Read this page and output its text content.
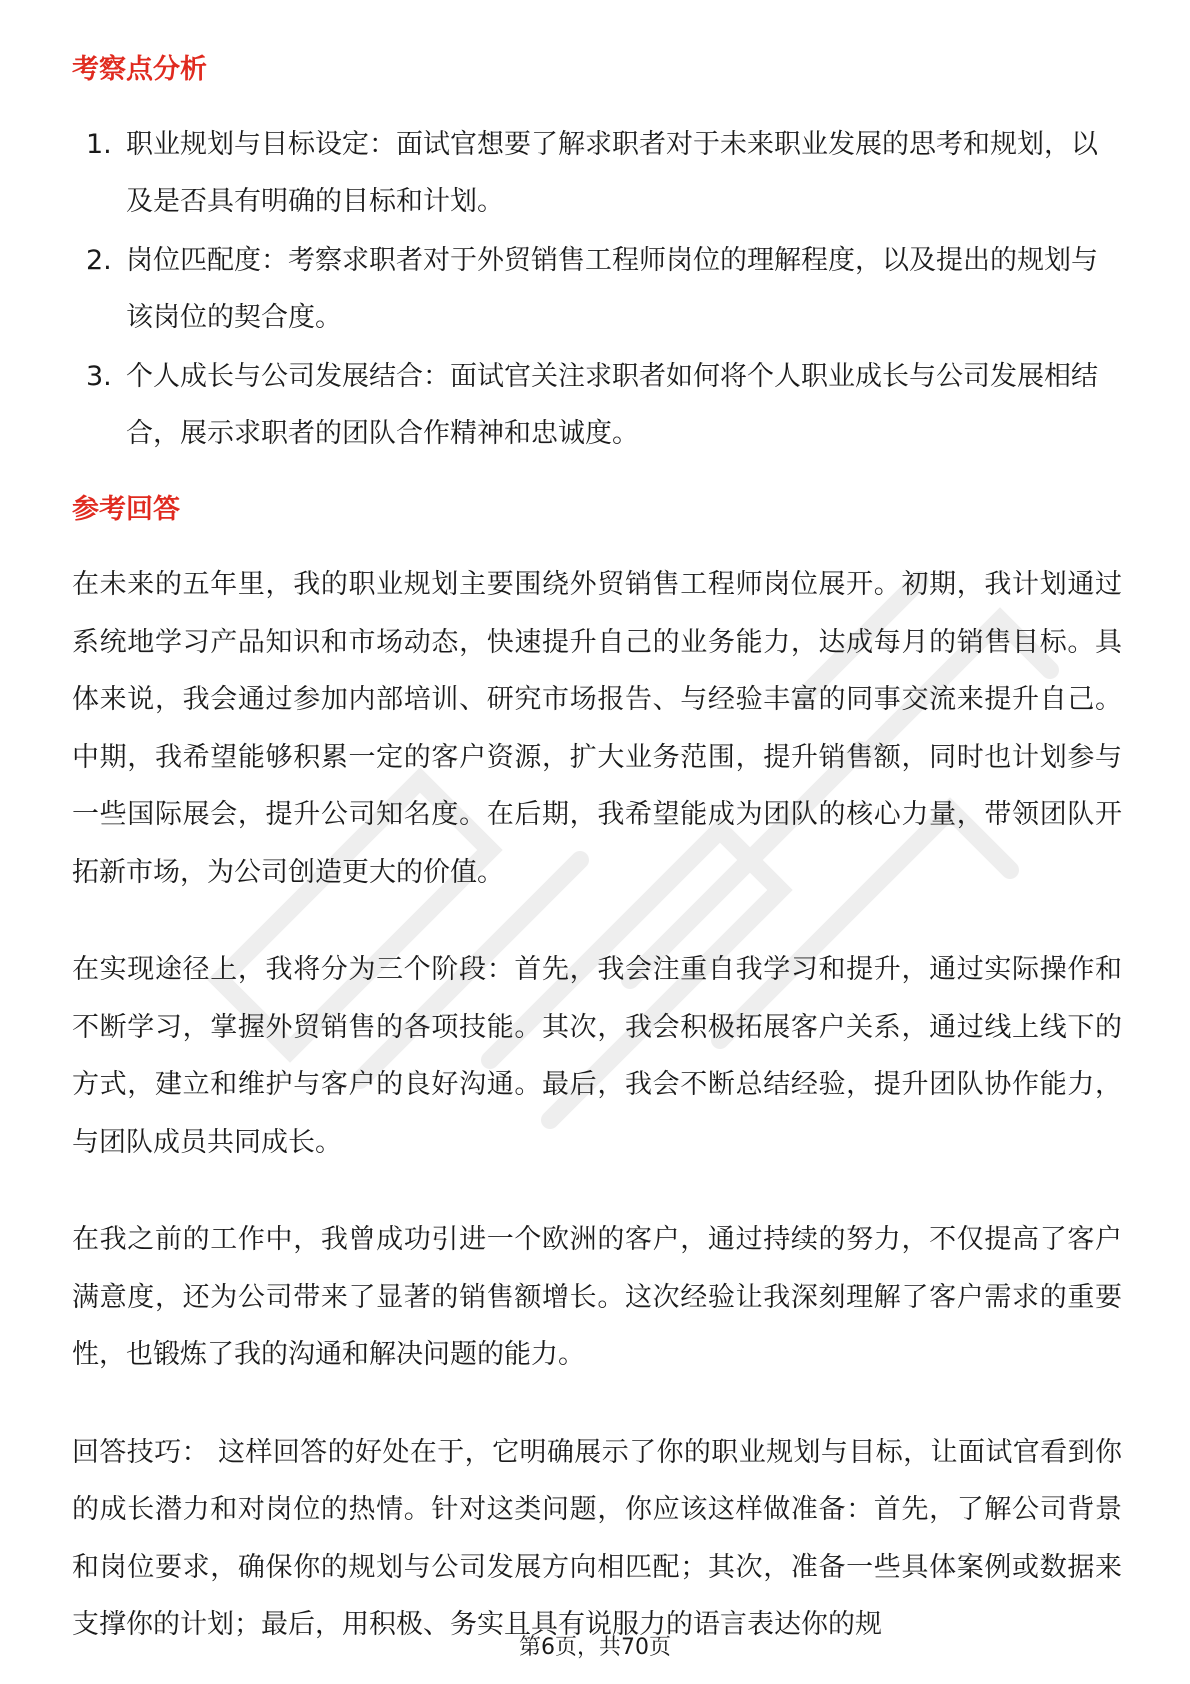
考察点分析
1. 职业规划与目标设定：面试官想要了解求职者对于未来职业发展的思考和规划，以及是否具有明确的目标和计划。
2. 岗位匹配度：考察求职者对于外贸销售工程师岗位的理解程度，以及提出的规划与该岗位的契合度。
3. 个人成长与公司发展结合：面试官关注求职者如何将个人职业成长与公司发展相结合，展示求职者的团队合作精神和忠诚度。
参考回答

在未来的五年里，我的职业规划主要围绕外贸销售工程师岗位展开。初期，我计划通过系统地学习产品知识和市场动态，快速提升自己的业务能力，达成每月的销售目标。具体来说，我会通过参加内部培训、研究市场报告、与经验丰富的同事交流来提升自己。中期，我希望能够积累一定的客户资源，扩大业务范围，提升销售额，同时也计划参与一些国际展会，提升公司知名度。在后期，我希望能成为团队的核心力量，带领团队开拓新市场，为公司创造更大的价值。

在实现途径上，我将分为三个阶段：首先，我会注重自我学习和提升，通过实际操作和不断学习，掌握外贸销售的各项技能。其次，我会积极拓展客户关系，通过线上线下的方式，建立和维护与客户的良好沟通。最后，我会不断总结经验，提升团队协作能力，与团队成员共同成长。

在我之前的工作中，我曾成功引进一个欧洲的客户，通过持续的努力，不仅提高了客户满意度，还为公司带来了显著的销售额增长。这次经验让我深刻理解了客户需求的重要性，也锻炼了我的沟通和解决问题的能力。

回答技巧： 这样回答的好处在于，它明确展示了你的职业规划与目标，让面试官看到你的成长潜力和对岗位的热情。针对这类问题，你应该这样做准备：首先，了解公司背景和岗位要求，确保你的规划与公司发展方向相匹配；其次，准备一些具体案例或数据来支撑你的计划；最后，用积极、务实且具有说服力的语言表达你的规

第6页，共70页
